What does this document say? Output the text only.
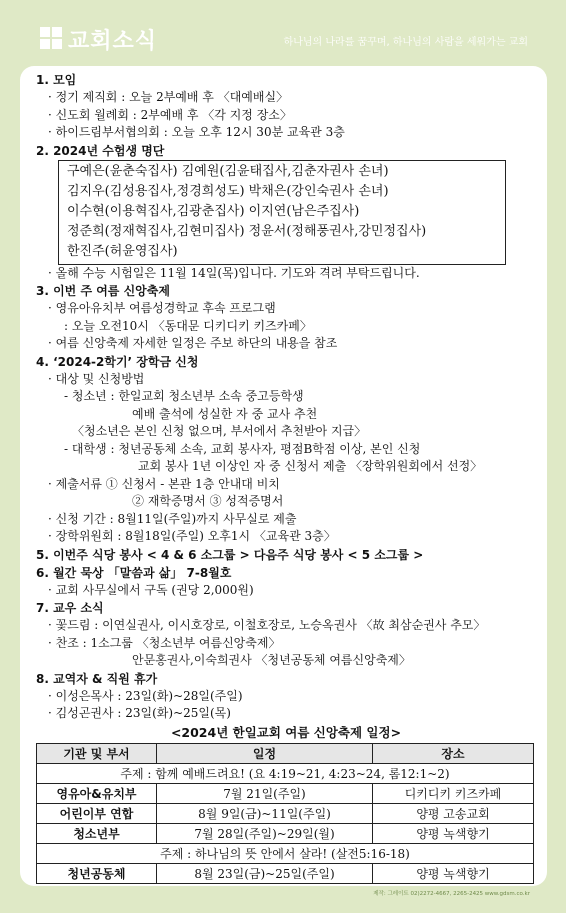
교회소식	하나님의 나라를 꿈꾸며, 하나님의 사람을 세워가는 교회
1. 모임
· 정기 제직회 : 오늘 2부예배 후 〈대예배실〉
· 신도회 월례회 : 2부예배 후 〈각 지정 장소〉
· 하이드림부서협의회 : 오늘 오후 12시 30분 교육관 3층
2. 2024년 수험생 명단
구예은(윤춘숙집사) 김예원(김윤태집사,김춘자권사 손녀)
김지우(김성용집사,정경희성도) 박채은(강인숙권사 손녀)
이수현(이용혁집사,김광춘집사) 이지연(남은주집사)
정준희(정재혁집사,김현미집사) 정윤서(정해풍권사,강민정집사)
한진주(허윤영집사)
· 올해 수능 시험일은 11월 14일(목)입니다. 기도와 격려 부탁드립니다.
3. 이번 주 여름 신앙축제
· 영유아유치부 여름성경학교 후속 프로그램
: 오늘 오전10시 〈동대문 디키디키 키즈카페〉
· 여름 신앙축제 자세한 일정은 주보 하단의 내용을 참조
4. ‘2024-2학기’ 장학금 신청
· 대상 및 신청방법
- 청소년 : 한일교회 청소년부 소속 중고등학생
예배 출석에 성실한 자 중 교사 추천
〈청소년은 본인 신청 없으며, 부서에서 추천받아 지급〉
- 대학생 : 청년공동체 소속, 교회 봉사자, 평점B학점 이상, 본인 신청
교회 봉사 1년 이상인 자 중 신청서 제출 〈장학위원회에서 선정〉
· 제출서류 ① 신청서 - 본관 1층 안내대 비치
② 재학증명서 ③ 성적증명서
· 신청 기간 : 8월11일(주일)까지 사무실로 제출
· 장학위원회 : 8월18일(주일) 오후1시 〈교육관 3층〉
5. 이번주 식당 봉사 < 4 & 6 소그룹 > 다음주 식당 봉사 < 5 소그룹 >
6. 월간 묵상 「말씀과 삶」 7-8월호
· 교회 사무실에서 구독 (권당 2,000원)
7. 교우 소식
· 꽃드림 : 이연실권사, 이시호장로, 이철호장로, 노승옥권사 〈故 최삼순권사 추모〉
· 찬조 : 1소그룹 〈청소년부 여름신앙축제〉
안문홍권사,이숙희권사 〈청년공동체 여름신앙축제〉
8. 교역자 & 직원 휴가
· 이성은목사 : 23일(화)~28일(주일)
· 김성곤권사 : 23일(화)~25일(목)
<2024년 한일교회 여름 신앙축제 일정>
기관 및 부서	일정	장소
주제 : 함께 예배드려요! (요 4:19~21, 4:23~24, 롬12:1~2)		
영유아&유치부	7월 21일(주일)	디키디키 키즈카페
어린이부 연합	8월 9일(금)~11일(주일)	양평 고송교회
청소년부	7월 28일(주일)~29일(월)	양평 녹색향기
주제 : 하나님의 뜻 안에서 살라! (살전5:16-18)		
청년공동체	8월 23일(금)~25일(주일)	양평 녹색향기
제작: 그레이트 02)2272-4667, 2265-2425 www.gdsm.co.kr
